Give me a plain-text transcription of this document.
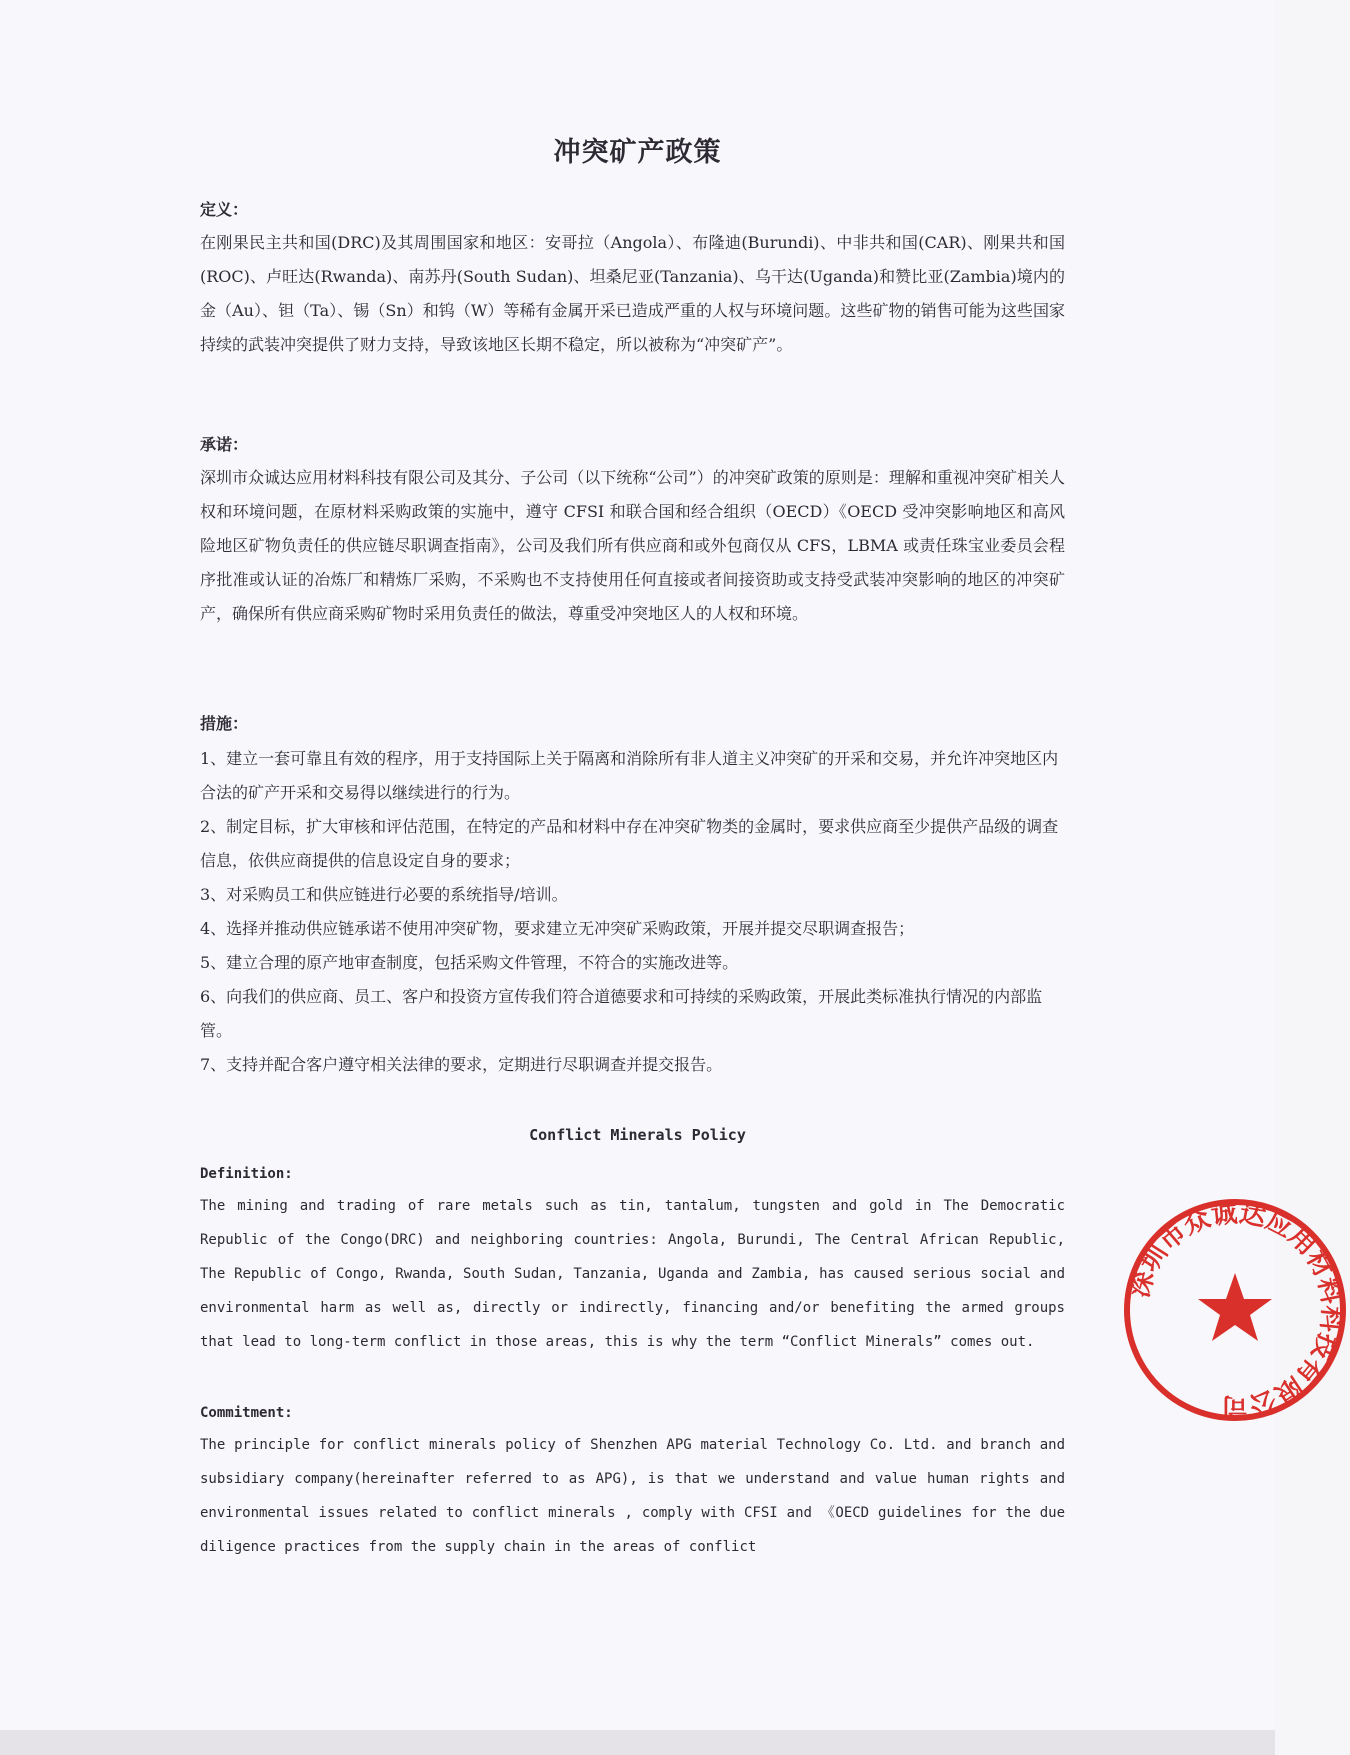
冲突矿产政策

定义：

在刚果民主共和国(DRC)及其周围国家和地区：安哥拉（Angola）、布隆迪(Burundi)、中非共和国(CAR)、刚果共和国(ROC)、卢旺达(Rwanda)、南苏丹(South Sudan)、坦桑尼亚(Tanzania)、乌干达(Uganda)和赞比亚(Zambia)境内的金（Au）、钽（Ta）、锡（Sn）和钨（W）等稀有金属开采已造成严重的人权与环境问题。这些矿物的销售可能为这些国家持续的武装冲突提供了财力支持，导致该地区长期不稳定，所以被称为“冲突矿产”。

承诺：

深圳市众诚达应用材料科技有限公司及其分、子公司（以下统称“公司”）的冲突矿政策的原则是：理解和重视冲突矿相关人权和环境问题，在原材料采购政策的实施中，遵守 CFSI 和联合国和经合组织（OECD）《OECD 受冲突影响地区和高风险地区矿物负责任的供应链尽职调查指南》，公司及我们所有供应商和或外包商仅从 CFS，LBMA 或责任珠宝业委员会程序批准或认证的冶炼厂和精炼厂采购，不采购也不支持使用任何直接或者间接资助或支持受武装冲突影响的地区的冲突矿产，确保所有供应商采购矿物时采用负责任的做法，尊重受冲突地区人的人权和环境。

措施：

1、建立一套可靠且有效的程序，用于支持国际上关于隔离和消除所有非人道主义冲突矿的开采和交易，并允许冲突地区内合法的矿产开采和交易得以继续进行的行为。

2、制定目标，扩大审核和评估范围，在特定的产品和材料中存在冲突矿物类的金属时，要求供应商至少提供产品级的调查信息，依供应商提供的信息设定自身的要求；

3、对采购员工和供应链进行必要的系统指导/培训。

4、选择并推动供应链承诺不使用冲突矿物，要求建立无冲突矿采购政策，开展并提交尽职调查报告；

5、建立合理的原产地审查制度，包括采购文件管理，不符合的实施改进等。

6、向我们的供应商、员工、客户和投资方宣传我们符合道德要求和可持续的采购政策，开展此类标准执行情况的内部监管。

7、支持并配合客户遵守相关法律的要求，定期进行尽职调查并提交报告。

Conflict Minerals Policy

Definition:

The mining and trading of rare metals such as tin, tantalum, tungsten and gold in The Democratic Republic of the Congo(DRC) and neighboring countries: Angola, Burundi, The Central African Republic, The Republic of Congo, Rwanda, South Sudan, Tanzania, Uganda and Zambia, has caused serious social and environmental harm as well as, directly or indirectly, financing and/or benefiting the armed groups that lead to long-term conflict in those areas, this is why the term “Conflict Minerals” comes out.

Commitment:

The principle for conflict minerals policy of Shenzhen APG material Technology Co. Ltd. and branch and subsidiary company(hereinafter referred to as APG), is that we understand and value human rights and environmental issues related to conflict minerals , comply with CFSI and 《OECD guidelines for the due diligence practices from the supply chain in the areas of conflict

深圳市众诚达应用材料科技有限公司
